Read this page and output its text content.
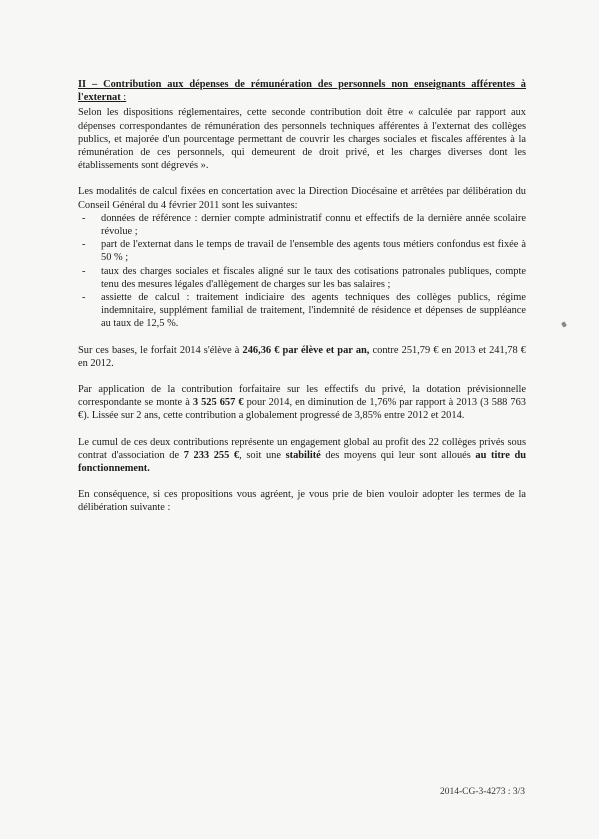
II – Contribution aux dépenses de rémunération des personnels non enseignants afférentes à l'externat :

Selon les dispositions réglementaires, cette seconde contribution doit être « calculée par rapport aux dépenses correspondantes de rémunération des personnels techniques afférentes à l'externat des collèges publics, et majorée d'un pourcentage permettant de couvrir les charges sociales et fiscales afférentes à la rémunération de ces personnels, qui demeurent de droit privé, et les charges diverses dont les établissements sont dégrevés ».

Les modalités de calcul fixées en concertation avec la Direction Diocésaine et arrêtées par délibération du Conseil Général du 4 février 2011 sont les suivantes:

- données de référence : dernier compte administratif connu et effectifs de la dernière année scolaire révolue ;
- part de l'externat dans le temps de travail de l'ensemble des agents tous métiers confondus est fixée à 50 % ;
- taux des charges sociales et fiscales aligné sur le taux des cotisations patronales publiques, compte tenu des mesures légales d'allègement de charges sur les bas salaires ;
- assiette de calcul : traitement indiciaire des agents techniques des collèges publics, régime indemnitaire, supplément familial de traitement, l'indemnité de résidence et dépenses de suppléance au taux de 12,5 %.

Sur ces bases, le forfait 2014 s'élève à 246,36 € par élève et par an, contre 251,79 € en 2013 et 241,78 € en 2012.

Par application de la contribution forfaitaire sur les effectifs du privé, la dotation prévisionnelle correspondante se monte à 3 525 657 € pour 2014, en diminution de 1,76% par rapport à 2013 (3 588 763 €). Lissée sur 2 ans, cette contribution a globalement progressé de 3,85% entre 2012 et 2014.

Le cumul de ces deux contributions représente un engagement global au profit des 22 collèges privés sous contrat d'association de 7 233 255 €, soit une stabilité des moyens qui leur sont alloués au titre du fonctionnement.

En conséquence, si ces propositions vous agréent, je vous prie de bien vouloir adopter les termes de la délibération suivante :

2014-CG-3-4273 : 3/3
